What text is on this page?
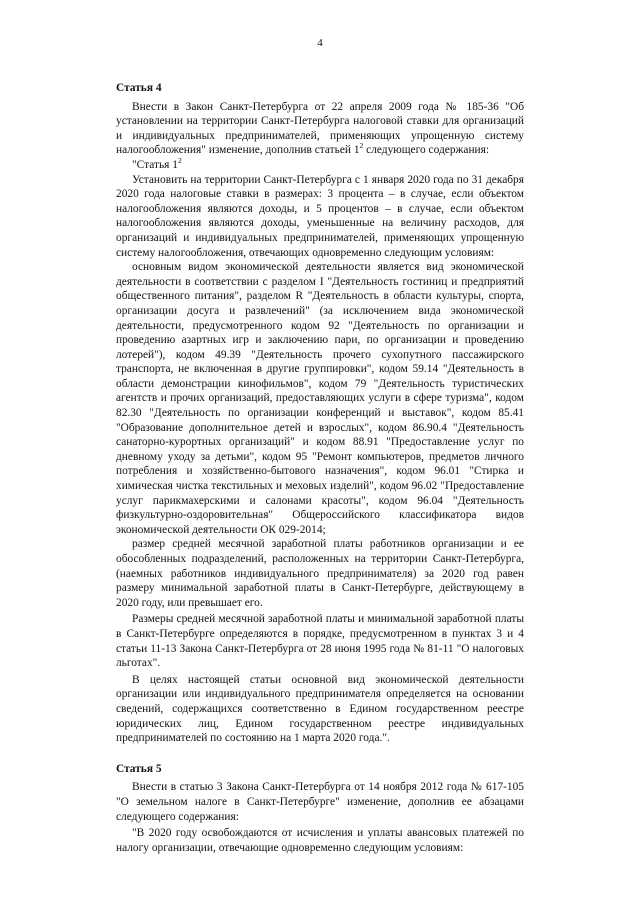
4
Статья 4

Внести в Закон Санкт-Петербурга от 22 апреля 2009 года № 185-36 "Об установлении на территории Санкт-Петербурга налоговой ставки для организаций и индивидуальных предпринимателей, применяющих упрощенную систему налогообложения" изменение, дополнив статьей $1^2$ следующего содержания:

"Статья $1^2$

Установить на территории Санкт-Петербурга с 1 января 2020 года по 31 декабря 2020 года налоговые ставки в размерах: 3 процента – в случае, если объектом налогообложения являются доходы, и 5 процентов – в случае, если объектом налогообложения являются доходы, уменьшенные на величину расходов, для организаций и индивидуальных предпринимателей, применяющих упрощенную систему налогообложения, отвечающих одновременно следующим условиям:

основным видом экономической деятельности является вид экономической деятельности в соответствии с разделом I "Деятельность гостиниц и предприятий общественного питания", разделом R "Деятельность в области культуры, спорта, организации досуга и развлечений" (за исключением вида экономической деятельности, предусмотренного кодом 92 "Деятельность по организации и проведению азартных игр и заключению пари, по организации и проведению лотерей"), кодом 49.39 "Деятельность прочего сухопутного пассажирского транспорта, не включенная в другие группировки", кодом 59.14 "Деятельность в области демонстрации кинофильмов", кодом 79 "Деятельность туристических агентств и прочих организаций, предоставляющих услуги в сфере туризма", кодом 82.30 "Деятельность по организации конференций и выставок", кодом 85.41 "Образование дополнительное детей и взрослых", кодом 86.90.4 "Деятельность санаторно-курортных организаций" и кодом 88.91 "Предоставление услуг по дневному уходу за детьми", кодом 95 "Ремонт компьютеров, предметов личного потребления и хозяйственно-бытового назначения", кодом 96.01 "Стирка и химическая чистка текстильных и меховых изделий", кодом 96.02 "Предоставление услуг парикмахерскими и салонами красоты", кодом 96.04 "Деятельность физкультурно-оздоровительная" Общероссийского классификатора видов экономической деятельности ОК 029-2014;

размер средней месячной заработной платы работников организации и ее обособленных подразделений, расположенных на территории Санкт-Петербурга, (наемных работников индивидуального предпринимателя) за 2020 год равен размеру минимальной заработной платы в Санкт-Петербурге, действующему в 2020 году, или превышает его.

Размеры средней месячной заработной платы и минимальной заработной платы в Санкт-Петербурге определяются в порядке, предусмотренном в пунктах 3 и 4 статьи 11-13 Закона Санкт-Петербурга от 28 июня 1995 года № 81-11 "О налоговых льготах".

В целях настоящей статьи основной вид экономической деятельности организации или индивидуального предпринимателя определяется на основании сведений, содержащихся соответственно в Едином государственном реестре юридических лиц, Едином государственном реестре индивидуальных предпринимателей по состоянию на 1 марта 2020 года.".

Статья 5

Внести в статью 3 Закона Санкт-Петербурга от 14 ноября 2012 года № 617-105 "О земельном налоге в Санкт-Петербурге" изменение, дополнив ее абзацами следующего содержания:

"В 2020 году освобождаются от исчисления и уплаты авансовых платежей по налогу организации, отвечающие одновременно следующим условиям:
